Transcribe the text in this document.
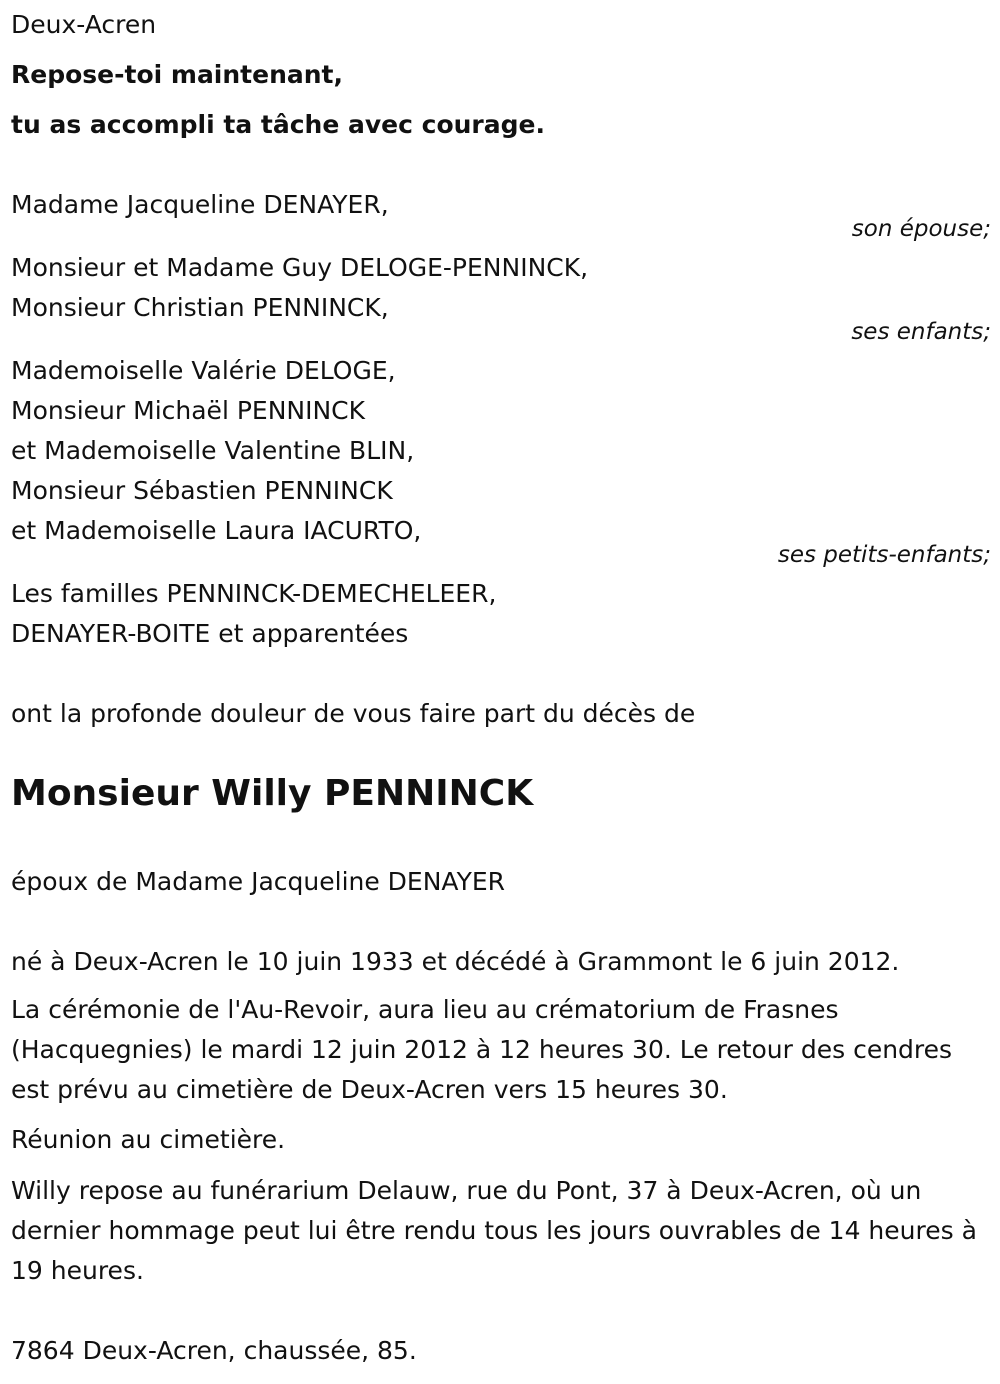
Deux-Acren
Repose-toi maintenant,
tu as accompli ta tâche avec courage.
Madame Jacqueline DENAYER,
son épouse;
Monsieur et Madame Guy DELOGE-PENNINCK,
Monsieur Christian PENNINCK,
ses enfants;
Mademoiselle Valérie DELOGE,
Monsieur Michaël PENNINCK
et Mademoiselle Valentine BLIN,
Monsieur Sébastien PENNINCK
et Mademoiselle Laura IACURTO,
ses petits-enfants;
Les familles PENNINCK-DEMECHELEER,
DENAYER-BOITE et apparentées
ont la profonde douleur de vous faire part du décès de
Monsieur Willy PENNINCK
époux de Madame Jacqueline DENAYER
né à Deux-Acren le 10 juin 1933 et décédé à Grammont le 6 juin 2012.
La cérémonie de l'Au-Revoir, aura lieu au crématorium de Frasnes (Hacquegnies) le mardi 12 juin 2012 à 12 heures 30. Le retour des cendres est prévu au cimetière de Deux-Acren vers 15 heures 30.
Réunion au cimetière.
Willy repose au funérarium Delauw, rue du Pont, 37 à Deux-Acren, où un dernier hommage peut lui être rendu tous les jours ouvrables de 14 heures à 19 heures.
7864 Deux-Acren, chaussée, 85.
